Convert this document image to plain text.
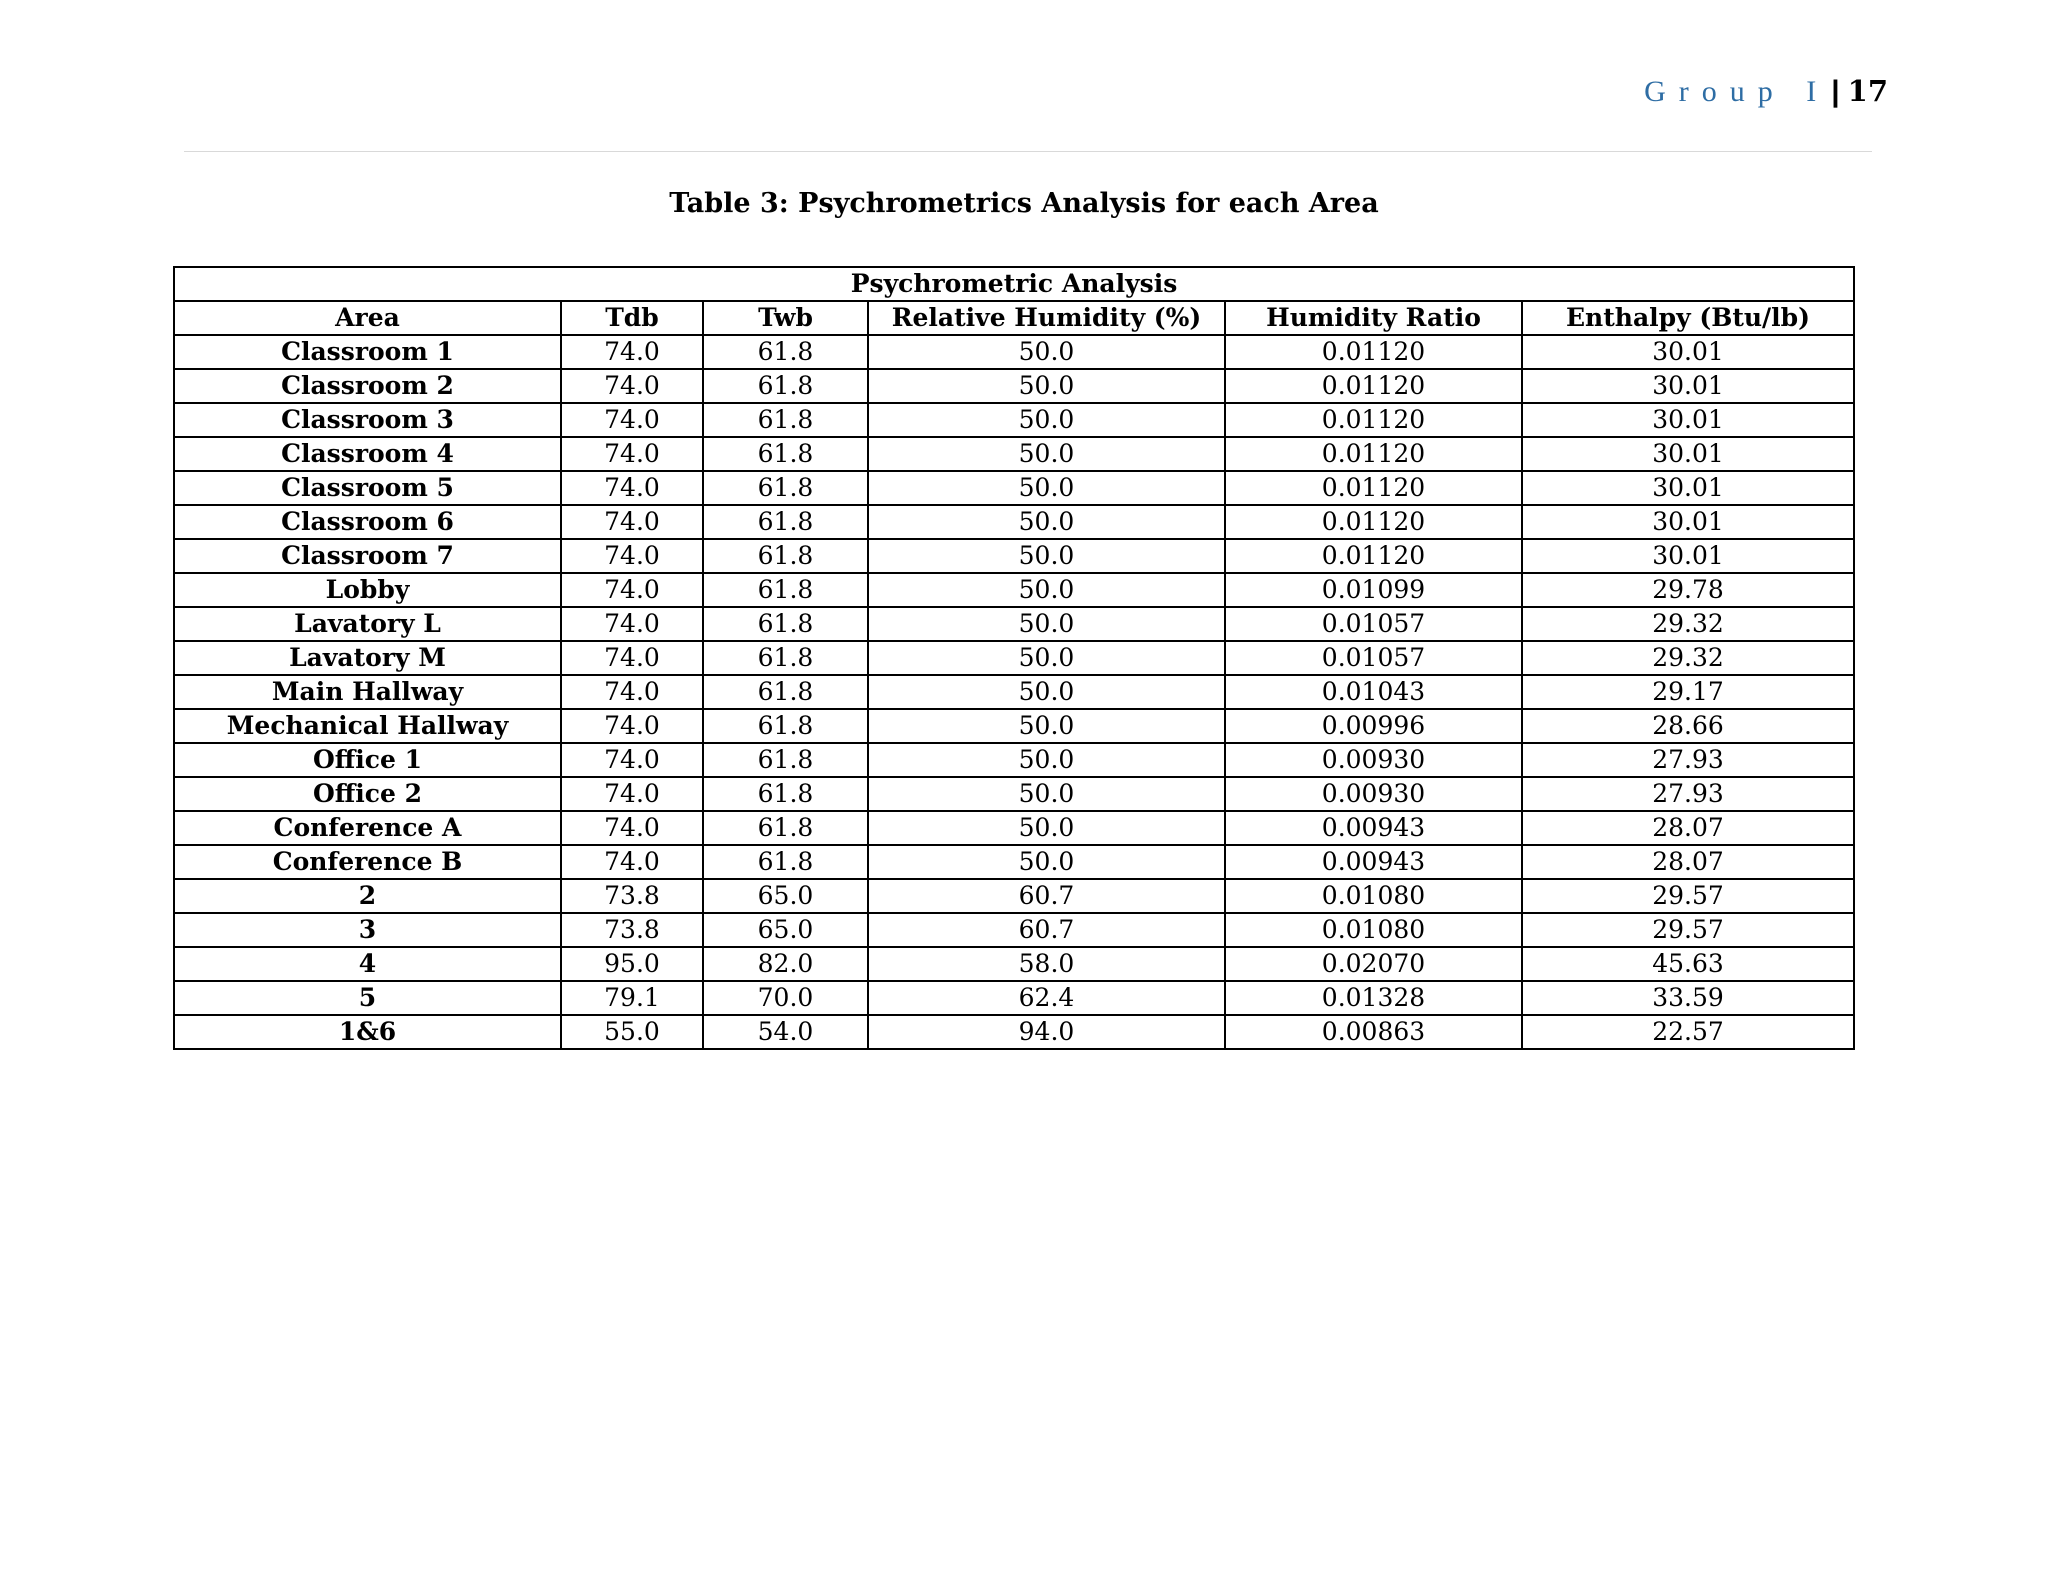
Group I | 17
Table 3: Psychrometrics Analysis for each Area
Psychrometric Analysis					
Area	Tdb	Twb	Relative Humidity (%)	Humidity Ratio	Enthalpy (Btu/lb)
Classroom 1	74.0	61.8	50.0	0.01120	30.01
Classroom 2	74.0	61.8	50.0	0.01120	30.01
Classroom 3	74.0	61.8	50.0	0.01120	30.01
Classroom 4	74.0	61.8	50.0	0.01120	30.01
Classroom 5	74.0	61.8	50.0	0.01120	30.01
Classroom 6	74.0	61.8	50.0	0.01120	30.01
Classroom 7	74.0	61.8	50.0	0.01120	30.01
Lobby	74.0	61.8	50.0	0.01099	29.78
Lavatory L	74.0	61.8	50.0	0.01057	29.32
Lavatory M	74.0	61.8	50.0	0.01057	29.32
Main Hallway	74.0	61.8	50.0	0.01043	29.17
Mechanical Hallway	74.0	61.8	50.0	0.00996	28.66
Office 1	74.0	61.8	50.0	0.00930	27.93
Office 2	74.0	61.8	50.0	0.00930	27.93
Conference A	74.0	61.8	50.0	0.00943	28.07
Conference B	74.0	61.8	50.0	0.00943	28.07
2	73.8	65.0	60.7	0.01080	29.57
3	73.8	65.0	60.7	0.01080	29.57
4	95.0	82.0	58.0	0.02070	45.63
5	79.1	70.0	62.4	0.01328	33.59
1&6	55.0	54.0	94.0	0.00863	22.57
